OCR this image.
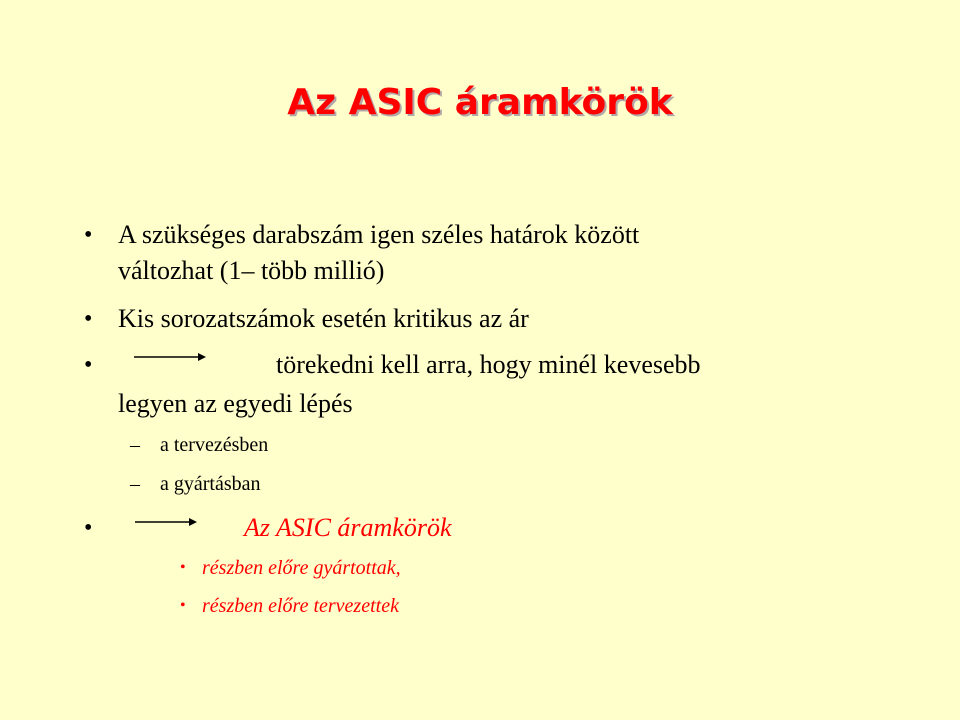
Az ASIC áramkörök
• A szükséges darabszám igen széles határok között
változhat (1– több millió)
• Kis sorozatszámok esetén kritikus az ár
•	törekedni kell arra, hogy minél kevesebb
legyen az egyedi lépés
– a tervezésben
– a gyártásban
•	Az ASIC áramkörök
• részben előre gyártottak,
• részben előre tervezettek
